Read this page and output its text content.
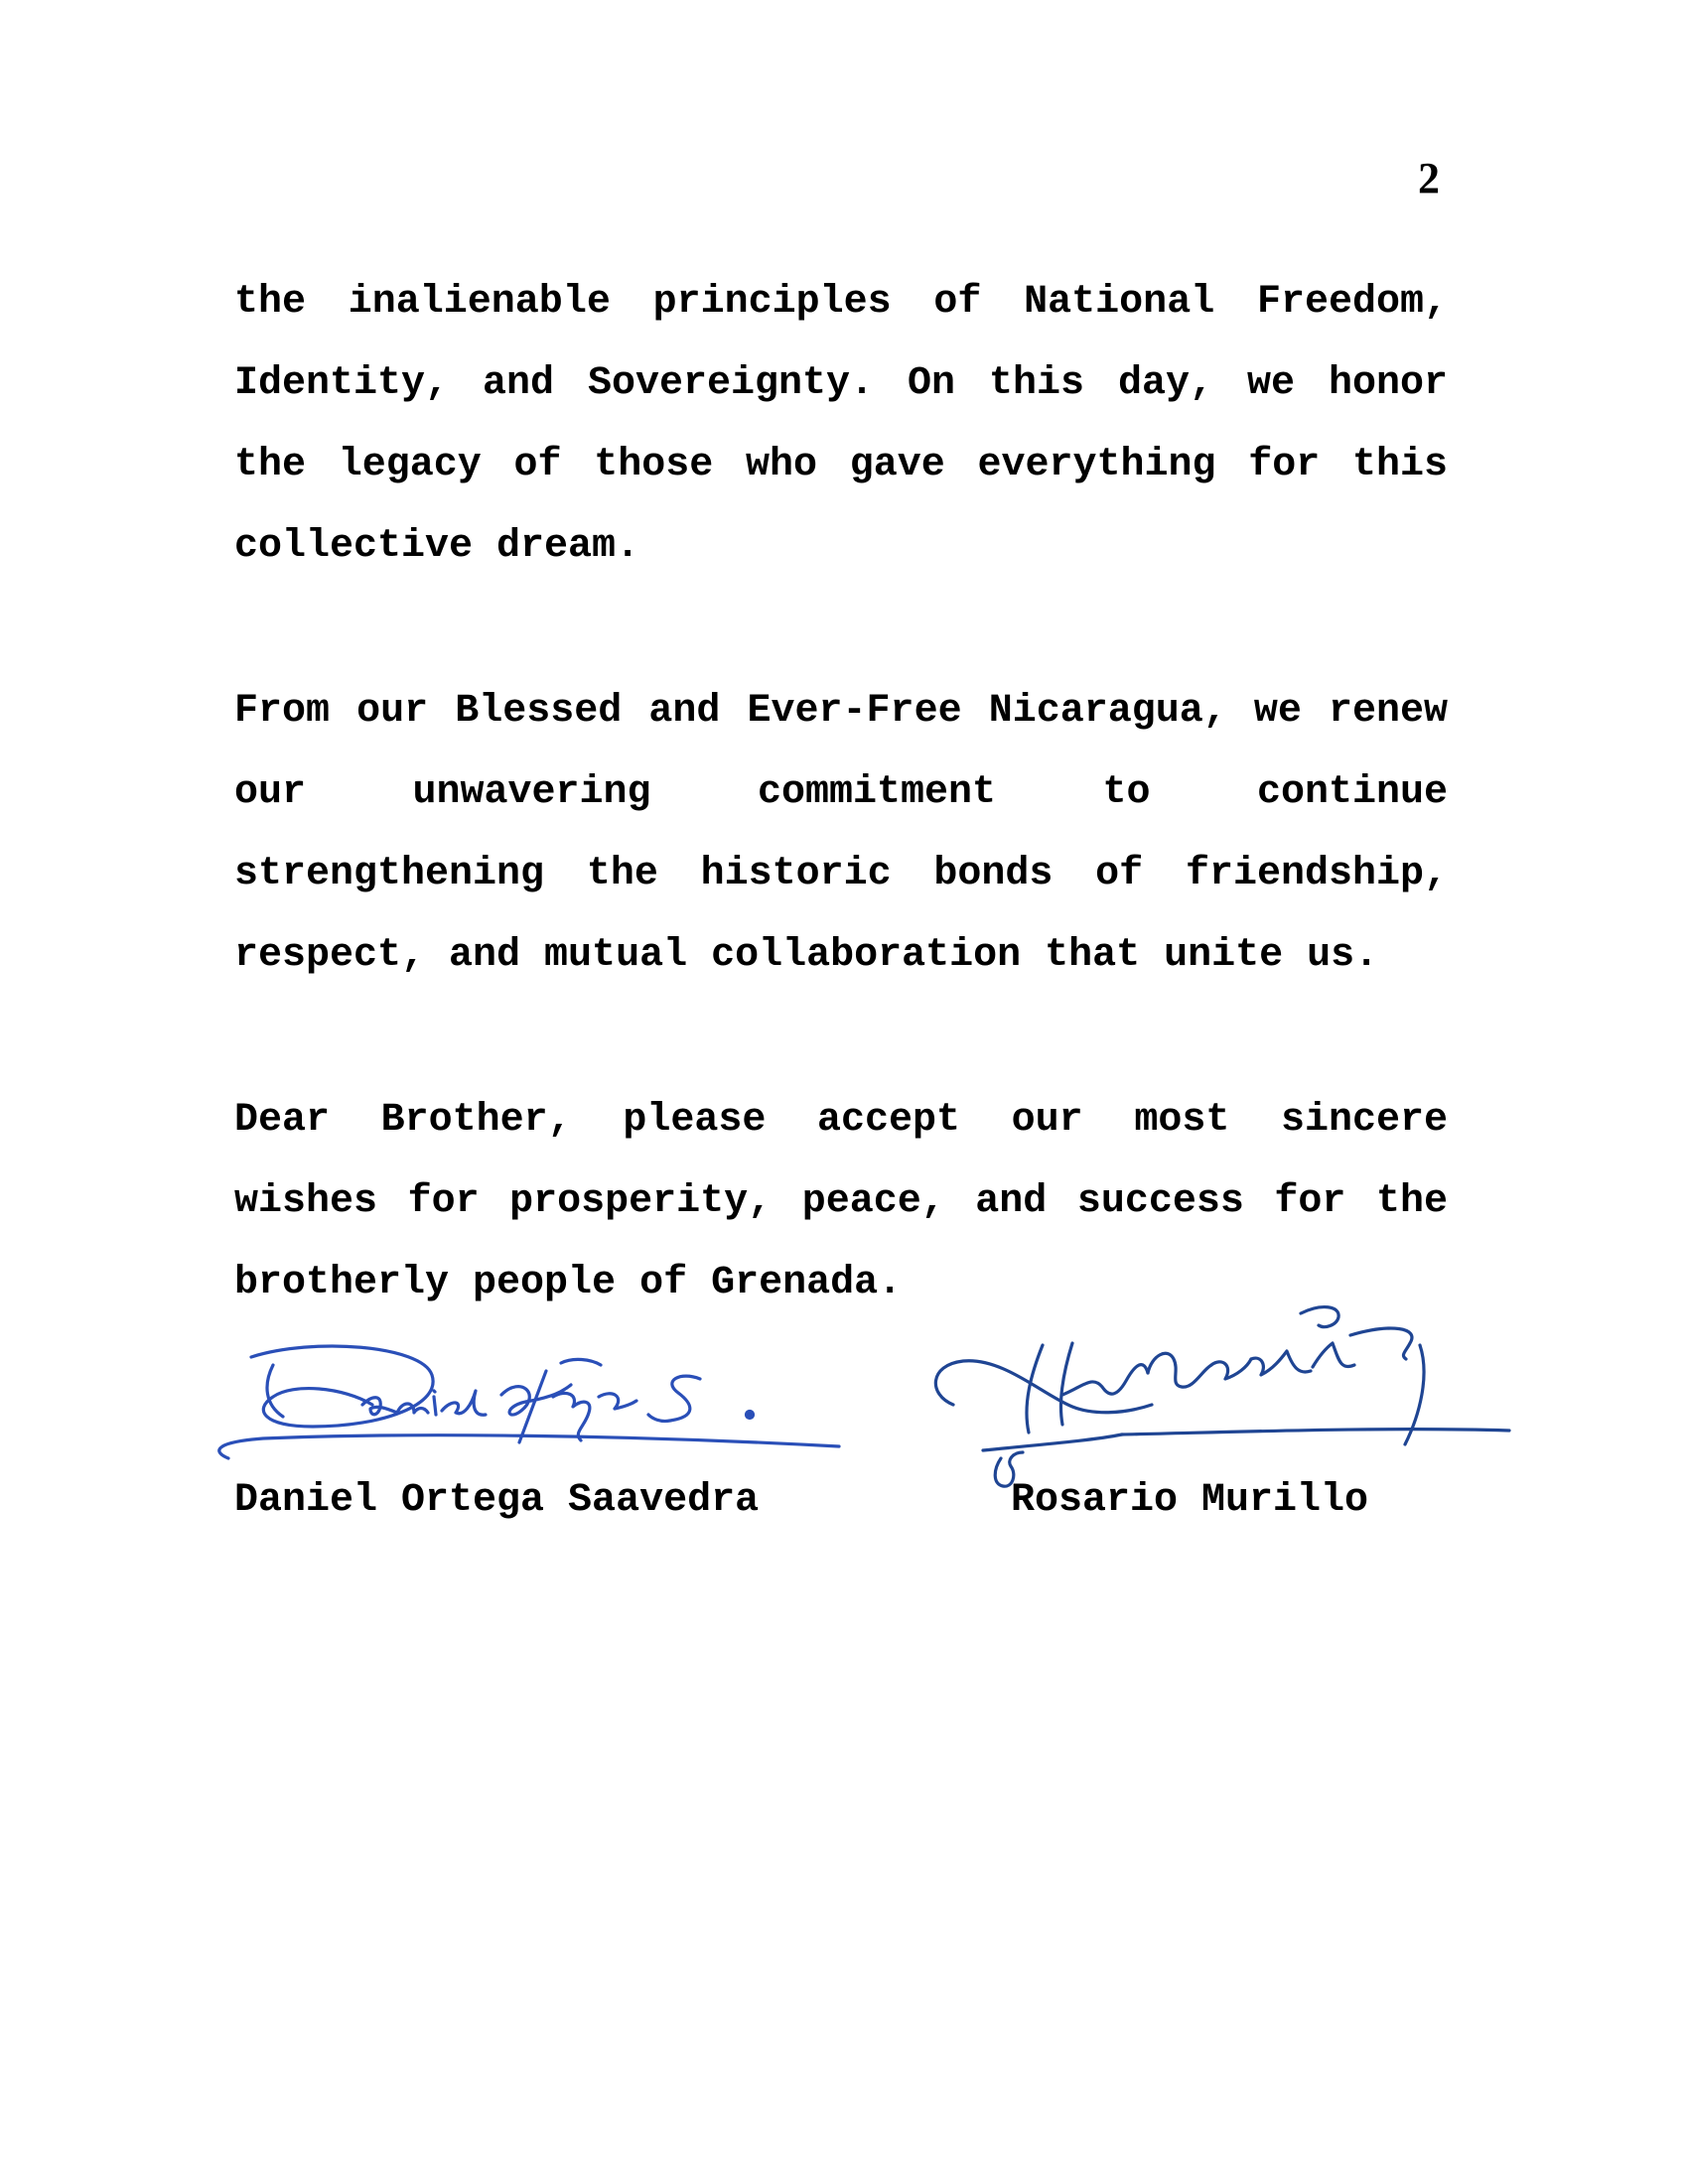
2

the inalienable principles of National Freedom, Identity, and Sovereignty. On this day, we honor the legacy of those who gave everything for this collective dream.

From our Blessed and Ever-Free Nicaragua, we renew our unwavering commitment to continue strengthening the historic bonds of friendship, respect, and mutual collaboration that unite us.

Dear Brother, please accept our most sincere wishes for prosperity, peace, and success for the brotherly people of Grenada.

Daniel Ortega Saavedra	Rosario Murillo
